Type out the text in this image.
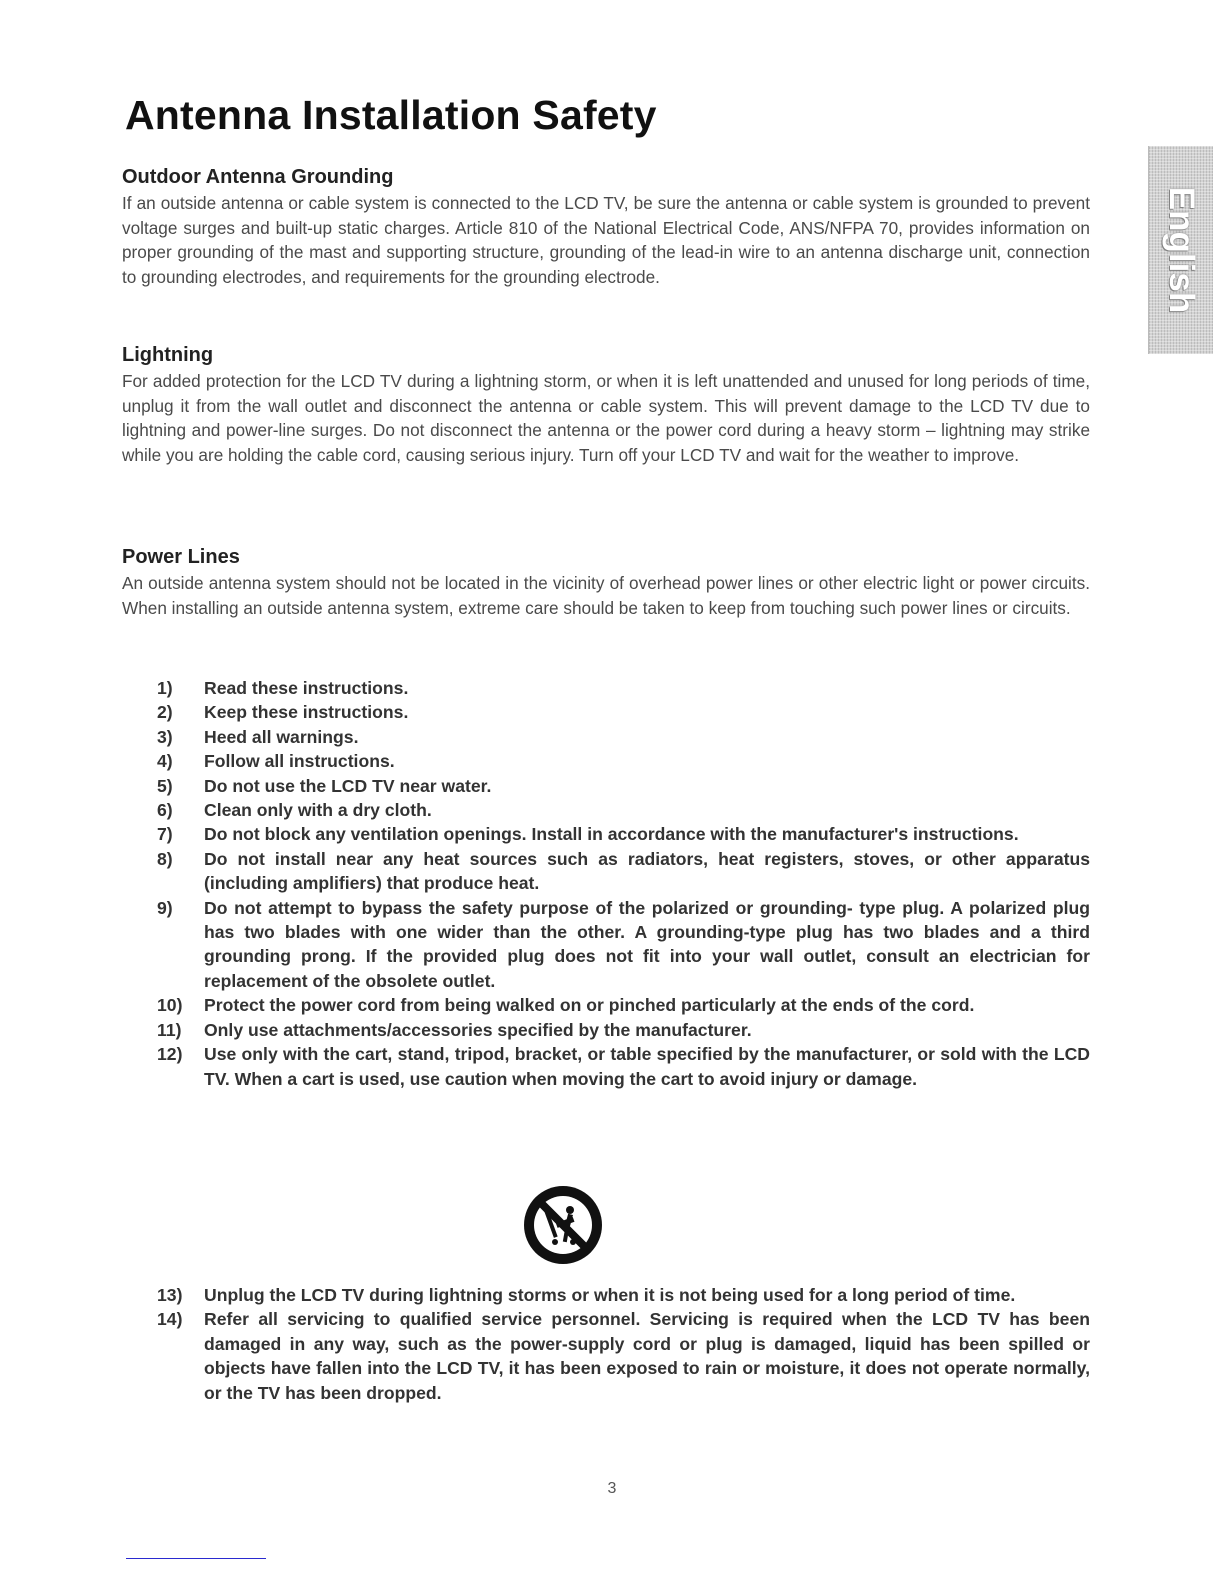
Antenna Installation Safety
English
Outdoor Antenna Grounding

If an outside antenna or cable system is connected to the LCD TV, be sure the antenna or cable system is grounded to prevent voltage surges and built-up static charges. Article 810 of the National Electrical Code, ANS/NFPA 70, provides information on proper grounding of the mast and supporting structure, grounding of the lead-in wire to an antenna discharge unit, connection to grounding electrodes, and requirements for the grounding electrode.

Lightning

For added protection for the LCD TV during a lightning storm, or when it is left unattended and unused for long periods of time, unplug it from the wall outlet and disconnect the antenna or cable system. This will prevent damage to the LCD TV due to lightning and power-line surges. Do not disconnect the antenna or the power cord during a heavy storm – lightning may strike while you are holding the cable cord, causing serious injury. Turn off your LCD TV and wait for the weather to improve.

Power Lines

An outside antenna system should not be located in the vicinity of overhead power lines or other electric light or power circuits. When installing an outside antenna system, extreme care should be taken to keep from touching such power lines or circuits.

1)	Read these instructions.
2)	Keep these instructions.
3)	Heed all warnings.
4)	Follow all instructions.
5)	Do not use the LCD TV near water.
6)	Clean only with a dry cloth.
7)	Do not block any ventilation openings. Install in accordance with the manufacturer's instructions.
8)	Do not install near any heat sources such as radiators, heat registers, stoves, or other apparatus (including amplifiers) that produce heat.
9)	Do not attempt to bypass the safety purpose of the polarized or grounding- type plug. A polarized plug has two blades with one wider than the other. A grounding-type plug has two blades and a third grounding prong. If the provided plug does not fit into your wall outlet, consult an electrician for replacement of the obsolete outlet.
10)	Protect the power cord from being walked on or pinched particularly at the ends of the cord.
11)	Only use attachments/accessories specified by the manufacturer.
12)	Use only with the cart, stand, tripod, bracket, or table specified by the manufacturer, or sold with the LCD TV. When a cart is used, use caution when moving the cart to avoid injury or damage.
13)	Unplug the LCD TV during lightning storms or when it is not being used for a long period of time.
14)	Refer all servicing to qualified service personnel. Servicing is required when the LCD TV has been damaged in any way, such as the power-supply cord or plug is damaged, liquid has been spilled or objects have fallen into the LCD TV, it has been exposed to rain or moisture, it does not operate normally, or the TV has been dropped.
3
